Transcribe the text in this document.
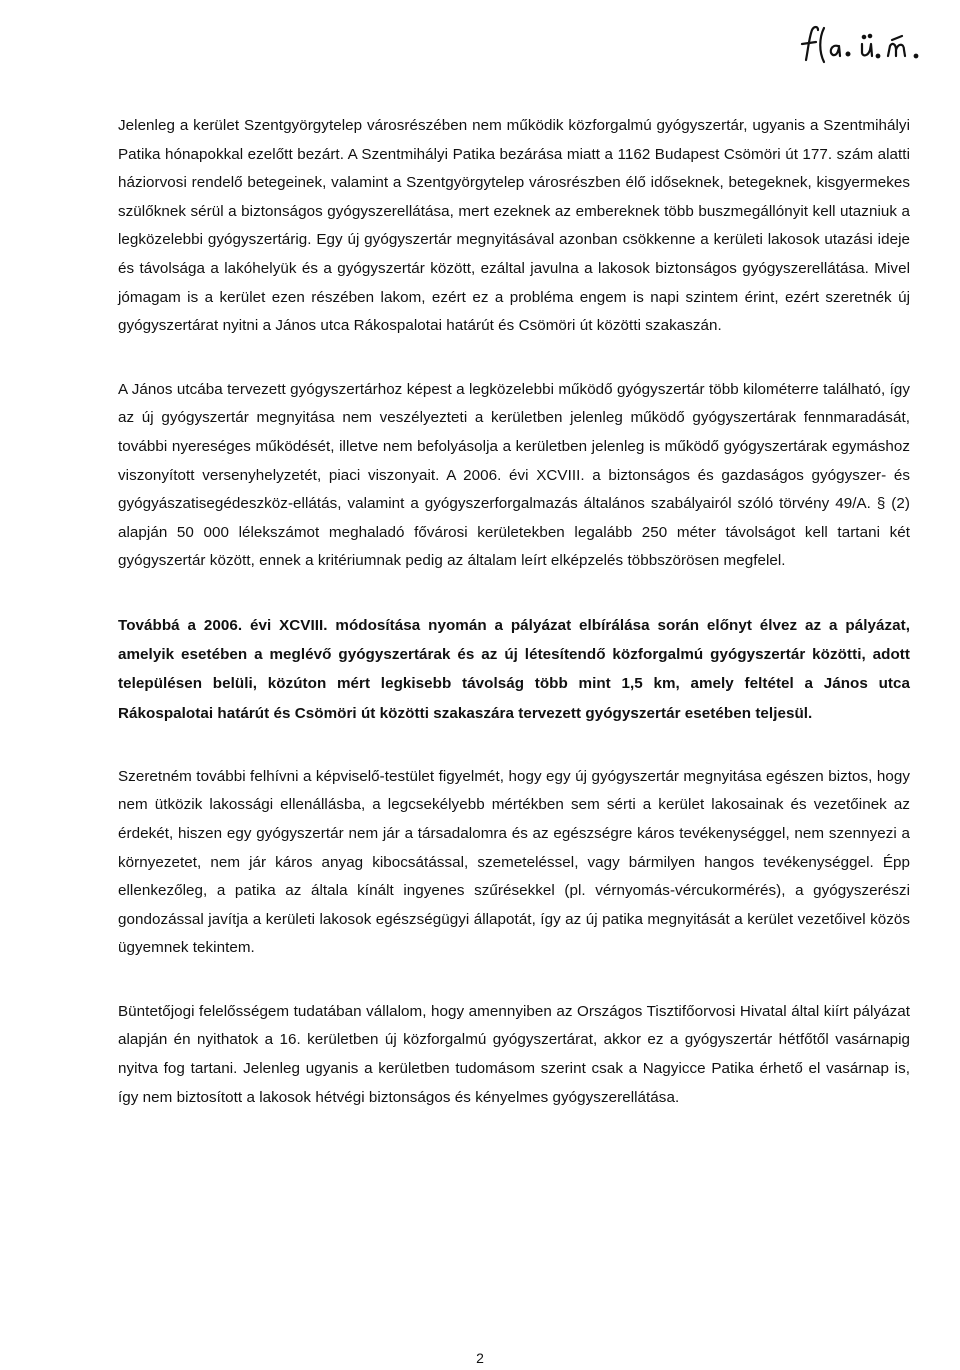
Jelenleg a kerület Szentgyörgytelep városrészében nem működik közforgalmú gyógyszertár, ugyanis a Szentmihályi Patika hónapokkal ezelőtt bezárt. A Szentmihályi Patika bezárása miatt a 1162 Budapest Csömöri út 177. szám alatti háziorvosi rendelő betegeinek, valamint a Szentgyörgytelep városrészben élő időseknek, betegeknek, kisgyermekes szülőknek sérül a biztonságos gyógyszerellátása, mert ezeknek az embereknek több buszmegállónyit kell utazniuk a legközelebbi gyógyszertárig. Egy új gyógyszertár megnyitásával azonban csökkenne a kerületi lakosok utazási ideje és távolsága a lakóhelyük és a gyógyszertár között, ezáltal javulna a lakosok biztonságos gyógyszerellátása. Mivel jómagam is a kerület ezen részében lakom, ezért ez a probléma engem is napi szintem érint, ezért szeretnék új gyógyszertárat nyitni a János utca Rákospalotai határút és Csömöri út közötti szakaszán.

A János utcába tervezett gyógyszertárhoz képest a legközelebbi működő gyógyszertár több kilométerre található, így az új gyógyszertár megnyitása nem veszélyezteti a kerületben jelenleg működő gyógyszertárak fennmaradását, további nyereséges működését, illetve nem befolyásolja a kerületben jelenleg is működő gyógyszertárak egymáshoz viszonyított versenyhelyzetét, piaci viszonyait. A 2006. évi XCVIII. a biztonságos és gazdaságos gyógyszer- és gyógyászatisegédeszköz-ellátás, valamint a gyógyszerforgalmazás általános szabályairól szóló törvény 49/A. § (2) alapján 50 000 lélekszámot meghaladó fővárosi kerületekben legalább 250 méter távolságot kell tartani két gyógyszertár között, ennek a kritériumnak pedig az általam leírt elképzelés többszörösen megfelel.

Továbbá a 2006. évi XCVIII. módosítása nyomán a pályázat elbírálása során előnyt élvez az a pályázat, amelyik esetében a meglévő gyógyszertárak és az új létesítendő közforgalmú gyógyszertár közötti, adott településen belüli, közúton mért legkisebb távolság több mint 1,5 km, amely feltétel a János utca Rákospalotai határút és Csömöri út közötti szakaszára tervezett gyógyszertár esetében teljesül.

Szeretném további felhívni a képviselő-testület figyelmét, hogy egy új gyógyszertár megnyitása egészen biztos, hogy nem ütközik lakossági ellenállásba, a legcsekélyebb mértékben sem sérti a kerület lakosainak és vezetőinek az érdekét, hiszen egy gyógyszertár nem jár a társadalomra és az egészségre káros tevékenységgel, nem szennyezi a környezetet, nem jár káros anyag kibocsátással, szemeteléssel, vagy bármilyen hangos tevékenységgel. Épp ellenkezőleg, a patika az általa kínált ingyenes szűrésekkel (pl. vérnyomás-vércukormérés), a gyógyszerészi gondozással javítja a kerületi lakosok egészségügyi állapotát, így az új patika megnyitását a kerület vezetőivel közös ügyemnek tekintem.

Büntetőjogi felelősségem tudatában vállalom, hogy amennyiben az Országos Tisztifőorvosi Hivatal által kiírt pályázat alapján én nyithatok a 16. kerületben új közforgalmú gyógyszertárat, akkor ez a gyógyszertár hétfőtől vasárnapig nyitva fog tartani. Jelenleg ugyanis a kerületben tudomásom szerint csak a Nagyicce Patika érhető el vasárnap is, így nem biztosított a lakosok hétvégi biztonságos és kényelmes gyógyszerellátása.

2
